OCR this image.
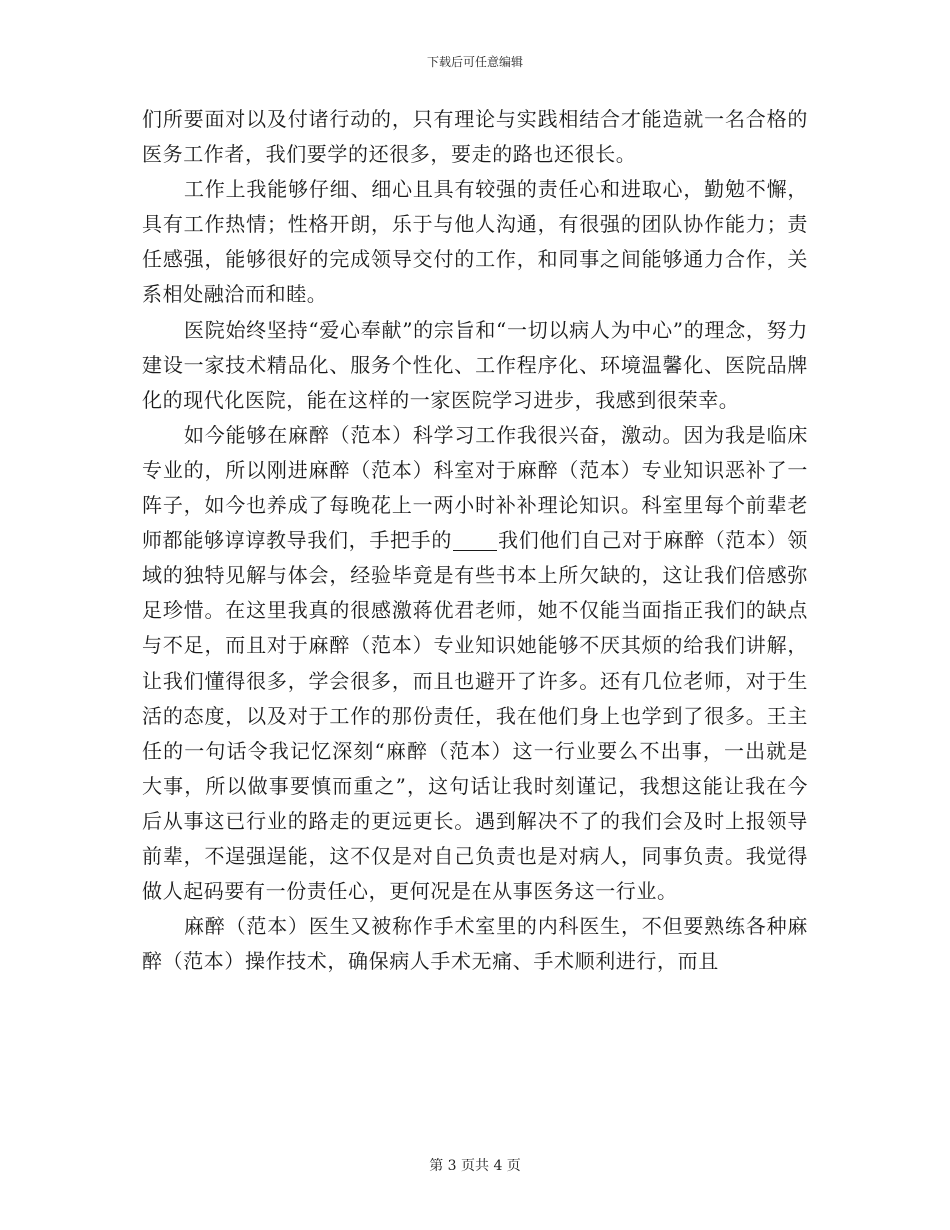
下载后可任意编辑

们所要面对以及付诸行动的，只有理论与实践相结合才能造就一名合格的医务工作者，我们要学的还很多，要走的路也还很长。

工作上我能够仔细、细心且具有较强的责任心和进取心，勤勉不懈，具有工作热情；性格开朗，乐于与他人沟通，有很强的团队协作能力；责任感强，能够很好的完成领导交付的工作，和同事之间能够通力合作，关系相处融洽而和睦。

医院始终坚持“爱心奉献”的宗旨和“一切以病人为中心”的理念，努力建设一家技术精品化、服务个性化、工作程序化、环境温馨化、医院品牌化的现代化医院，能在这样的一家医院学习进步，我感到很荣幸。

如今能够在麻醉（范本）科学习工作我很兴奋，激动。因为我是临床专业的，所以刚进麻醉（范本）科室对于麻醉（范本）专业知识恶补了一阵子，如今也养成了每晚花上一两小时补补理论知识。科室里每个前辈老师都能够谆谆教导我们，手把手的 我们他们自己对于麻醉（范本）领域的独特见解与体会，经验毕竟是有些书本上所欠缺的，这让我们倍感弥足珍惜。在这里我真的很感激蒋优君老师，她不仅能当面指正我们的缺点与不足，而且对于麻醉（范本）专业知识她能够不厌其烦的给我们讲解，让我们懂得很多，学会很多，而且也避开了许多。还有几位老师，对于生活的态度，以及对于工作的那份责任，我在他们身上也学到了很多。王主任的一句话令我记忆深刻“麻醉（范本）这一行业要么不出事，一出就是大事，所以做事要慎而重之”，这句话让我时刻谨记，我想这能让我在今后从事这已行业的路走的更远更长。遇到解决不了的我们会及时上报领导前辈，不逞强逞能，这不仅是对自己负责也是对病人，同事负责。我觉得做人起码要有一份责任心，更何况是在从事医务这一行业。

麻醉（范本）医生又被称作手术室里的内科医生，不但要熟练各种麻醉（范本）操作技术，确保病人手术无痛、手术顺利进行，而且

第 3 页共 4 页
